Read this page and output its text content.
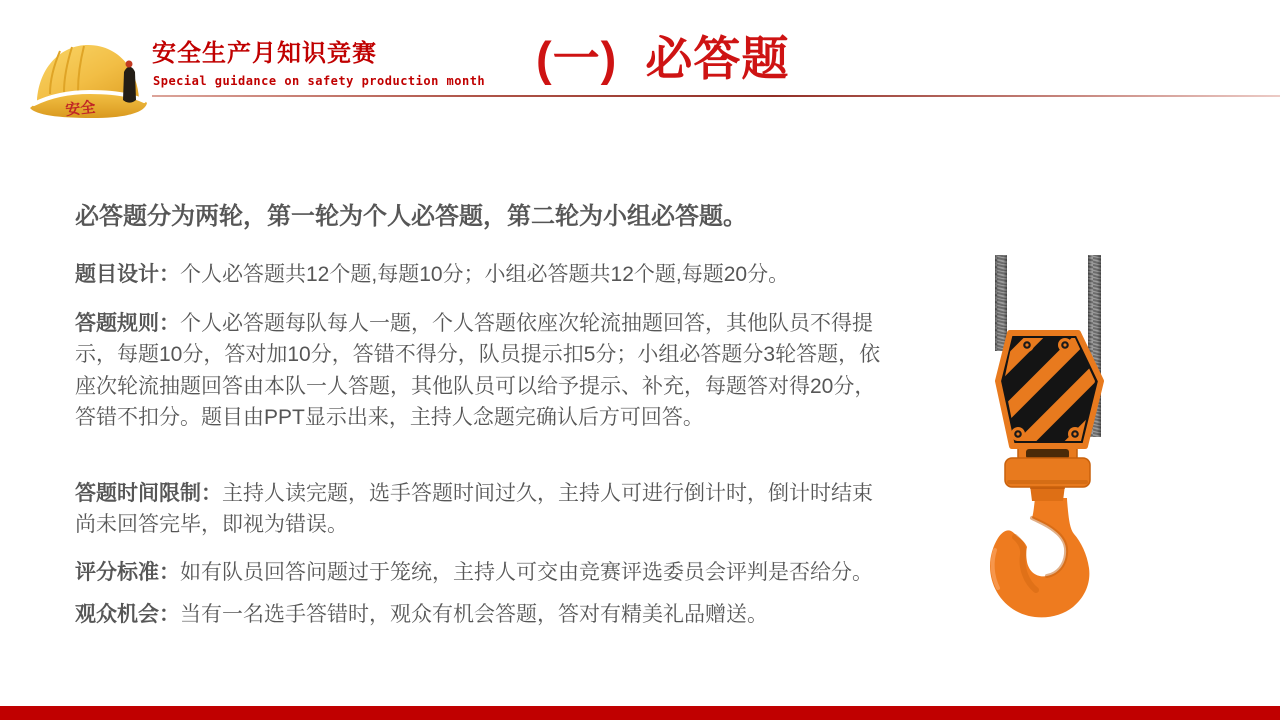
安全
安全生产月知识竞赛
Special guidance on safety production month (一)  必答题

必答题分为两轮，第一轮为个人必答题，第二轮为小组必答题。

题目设计：个人必答题共12个题,每题10分；小组必答题共12个题,每题20分。

答题规则：个人必答题每队每人一题，个人答题依座次轮流抽题回答，其他队员不得提示，每题10分，答对加10分，答错不得分，队员提示扣5分；小组必答题分3轮答题，依座次轮流抽题回答由本队一人答题，其他队员可以给予提示、补充，每题答对得20分，答错不扣分。题目由PPT显示出来，主持人念题完确认后方可回答。

答题时间限制：主持人读完题，选手答题时间过久，主持人可进行倒计时，倒计时结束尚未回答完毕，即视为错误。

评分标准：如有队员回答问题过于笼统，主持人可交由竞赛评选委员会评判是否给分。

观众机会：当有一名选手答错时，观众有机会答题，答对有精美礼品赠送。
